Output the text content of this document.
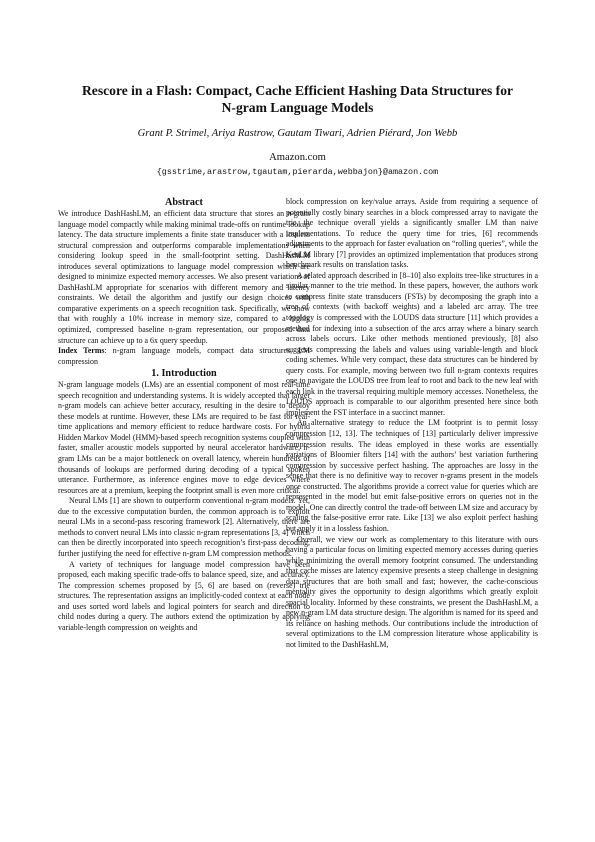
Rescore in a Flash: Compact, Cache Efficient Hashing Data Structures for
N-gram Language Models
Grant P. Strimel, Ariya Rastrow, Gautam Tiwari, Adrien Piérard, Jon Webb
Amazon.com
{gsstrime,arastrow,tgautam,pierarda,webbajon}@amazon.com

Abstract

We introduce DashHashLM, an efficient data structure that stores an n-gram language model compactly while making minimal trade-offs on runtime lookup latency. The data structure implements a finite state transducer with a lossless structural compression and outperforms comparable implementations when considering lookup speed in the small-footprint setting. DashHashLM introduces several optimizations to language model compression which are designed to minimize expected memory accesses. We also present variations of DashHashLM appropriate for scenarios with different memory and latency constraints. We detail the algorithm and justify our design choices with comparative experiments on a speech recognition task. Specifically, we show that with roughly a 10% increase in memory size, compared to a highly optimized, compressed baseline n-gram representation, our proposed data structure can achieve up to a 6x query speedup.

Index Terms: n-gram language models, compact data structures, LM compression

1. Introduction

N-gram language models (LMs) are an essential component of most real-time speech recognition and understanding systems. It is widely accepted that larger n-gram models can achieve better accuracy, resulting in the desire to deploy these models at runtime. However, these LMs are required to be fast for real-time applications and memory efficient to reduce hardware costs. For hybrid Hidden Markov Model (HMM)-based speech recognition systems coupled with faster, smaller acoustic models supported by neural accelerator hardware, n-gram LMs can be a major bottleneck on overall latency, wherein hundreds of thousands of lookups are performed during decoding of a typical spoken utterance. Furthermore, as inference engines move to edge devices where resources are at a premium, keeping the footprint small is even more critical.

Neural LMs [1] are shown to outperform conventional n-gram models. Yet, due to the excessive computation burden, the common approach is to exploit neural LMs in a second-pass rescoring framework [2]. Alternatively, there are methods to convert neural LMs into classic n-gram representations [3, 4] which can then be directly incorporated into speech recognition’s first-pass decoding, further justifying the need for effective n-gram LM compression methods.

A variety of techniques for language model compression have been proposed, each making specific trade-offs to balance speed, size, and accuracy. The compression schemes proposed by [5, 6] are based on (reverse) trie structures. The representation assigns an implicitly-coded context at each node and uses sorted word labels and logical pointers for search and direction to child nodes during a query. The authors extend the optimization by applying variable-length compression on weights and

block compression on key/value arrays. Aside from requiring a sequence of potentially costly binary searches in a block compressed array to navigate the trie, the technique overall yields a significantly smaller LM than naive implementations. To reduce the query time for tries, [6] recommends adjustments to the approach for faster evaluation on “rolling queries”, while the KenLM library [7] provides an optimized implementation that produces strong benchmark results on translation tasks.

A related approach described in [8–10] also exploits tree-like structures in a similar manner to the trie method. In these papers, however, the authors work to compress finite state transducers (FSTs) by decomposing the graph into a tree of contexts (with backoff weights) and a labeled arc array. The tree topology is compressed with the LOUDS data structure [11] which provides a method for indexing into a subsection of the arcs array where a binary search across labels occurs. Like other methods mentioned previously, [8] also suggests compressing the labels and values using variable-length and block coding schemes. While very compact, these data structures can be hindered by query costs. For example, moving between two full n-gram contexts requires one to navigate the LOUDS tree from leaf to root and back to the new leaf with each link in the traversal requiring multiple memory accesses. Nonetheless, the LOUDS approach is comparable to our algorithm presented here since both implement the FST interface in a succinct manner.

An alternative strategy to reduce the LM footprint is to permit lossy compression [12, 13]. The techniques of [13] particularly deliver impressive compression results. The ideas employed in these works are essentially variations of Bloomier filters [14] with the authors’ best variation furthering compression by successive perfect hashing. The approaches are lossy in the sense that there is no definitive way to recover n-grams present in the models once constructed. The algorithms provide a correct value for queries which are represented in the model but emit false-positive errors on queries not in the model. One can directly control the trade-off between LM size and accuracy by scaling the false-positive error rate. Like [13] we also exploit perfect hashing but apply it in a lossless fashion.

Overall, we view our work as complementary to this literature with ours having a particular focus on limiting expected memory accesses during queries while minimizing the overall memory footprint consumed. The understanding that cache misses are latency expensive presents a steep challenge in designing data structures that are both small and fast; however, the cache-conscious mentality gives the opportunity to design algorithms which greatly exploit spacial locality. Informed by these constraints, we present the DashHashLM, a new n-gram LM data structure design. The algorithm is named for its speed and its reliance on hashing methods. Our contributions include the introduction of several optimizations to the LM compression literature whose applicability is not limited to the DashHashLM,
